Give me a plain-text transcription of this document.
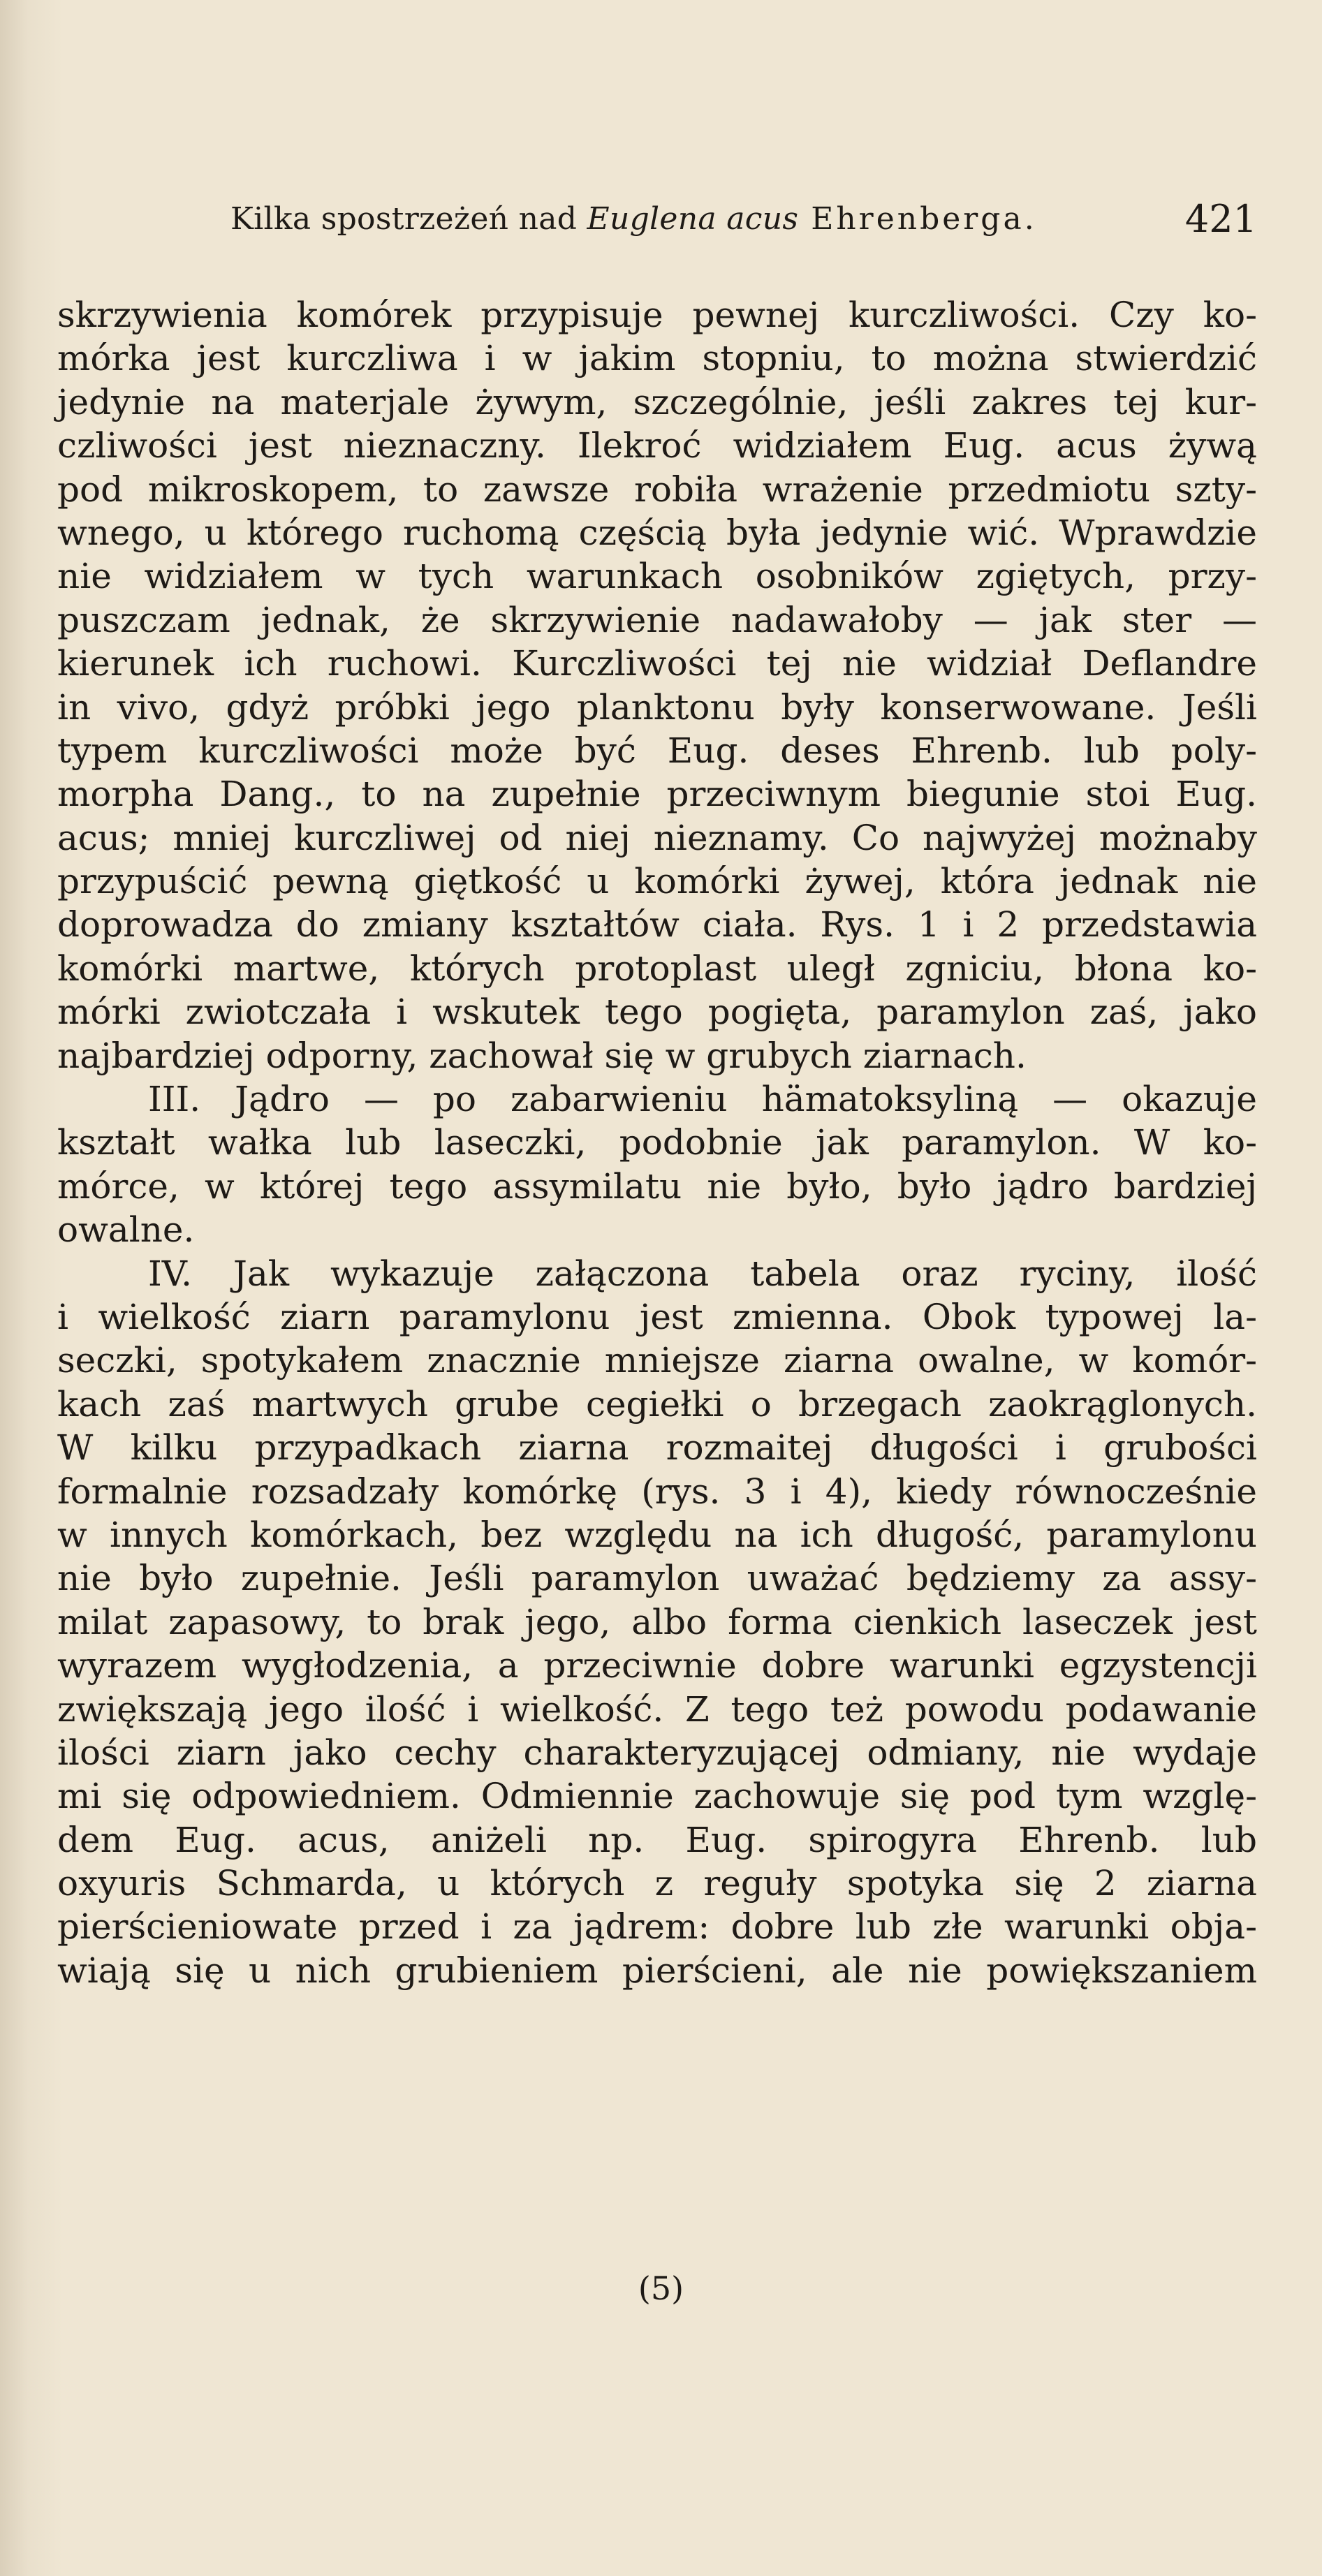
Kilka spostrzeżeń nad Euglena acus Ehrenberga.	421
skrzywienia komórek przypisuje pewnej kurczliwości. Czy ko-
mórka jest kurczliwa i w jakim stopniu, to można stwierdzić
jedynie na materjale żywym, szczególnie, jeśli zakres tej kur-
czliwości jest nieznaczny. Ilekroć widziałem Eug. acus żywą
pod mikroskopem, to zawsze robiła wrażenie przedmiotu szty-
wnego, u którego ruchomą częścią była jedynie wić. Wprawdzie
nie widziałem w tych warunkach osobników zgiętych, przy-
puszczam jednak, że skrzywienie nadawałoby — jak ster —
kierunek ich ruchowi. Kurczliwości tej nie widział Deflandre
in vivo, gdyż próbki jego planktonu były konserwowane. Jeśli
typem kurczliwości może być Eug. deses Ehrenb. lub poly-
morpha Dang., to na zupełnie przeciwnym biegunie stoi Eug.
acus; mniej kurczliwej od niej nieznamy. Co najwyżej możnaby
przypuścić pewną giętkość u komórki żywej, która jednak nie
doprowadza do zmiany kształtów ciała. Rys. 1 i 2 przedstawia
komórki martwe, których protoplast uległ zgniciu, błona ko-
mórki zwiotczała i wskutek tego pogięta, paramylon zaś, jako
najbardziej odporny, zachował się w grubych ziarnach.
III. Jądro — po zabarwieniu hämatoksyliną — okazuje
kształt wałka lub laseczki, podobnie jak paramylon. W ko-
mórce, w której tego assymilatu nie było, było jądro bardziej
owalne.
IV. Jak wykazuje załączona tabela oraz ryciny, ilość
i wielkość ziarn paramylonu jest zmienna. Obok typowej la-
seczki, spotykałem znacznie mniejsze ziarna owalne, w komór-
kach zaś martwych grube cegiełki o brzegach zaokrąglonych.
W kilku przypadkach ziarna rozmaitej długości i grubości
formalnie rozsadzały komórkę (rys. 3 i 4), kiedy równocześnie
w innych komórkach, bez względu na ich długość, paramylonu
nie było zupełnie. Jeśli paramylon uważać będziemy za assy-
milat zapasowy, to brak jego, albo forma cienkich laseczek jest
wyrazem wygłodzenia, a przeciwnie dobre warunki egzystencji
zwiększają jego ilość i wielkość. Z tego też powodu podawanie
ilości ziarn jako cechy charakteryzującej odmiany, nie wydaje
mi się odpowiedniem. Odmiennie zachowuje się pod tym wzglę-
dem Eug. acus, aniżeli np. Eug. spirogyra Ehrenb. lub
oxyuris Schmarda, u których z reguły spotyka się 2 ziarna
pierścieniowate przed i za jądrem: dobre lub złe warunki obja-
wiają się u nich grubieniem pierścieni, ale nie powiększaniem
(5)
